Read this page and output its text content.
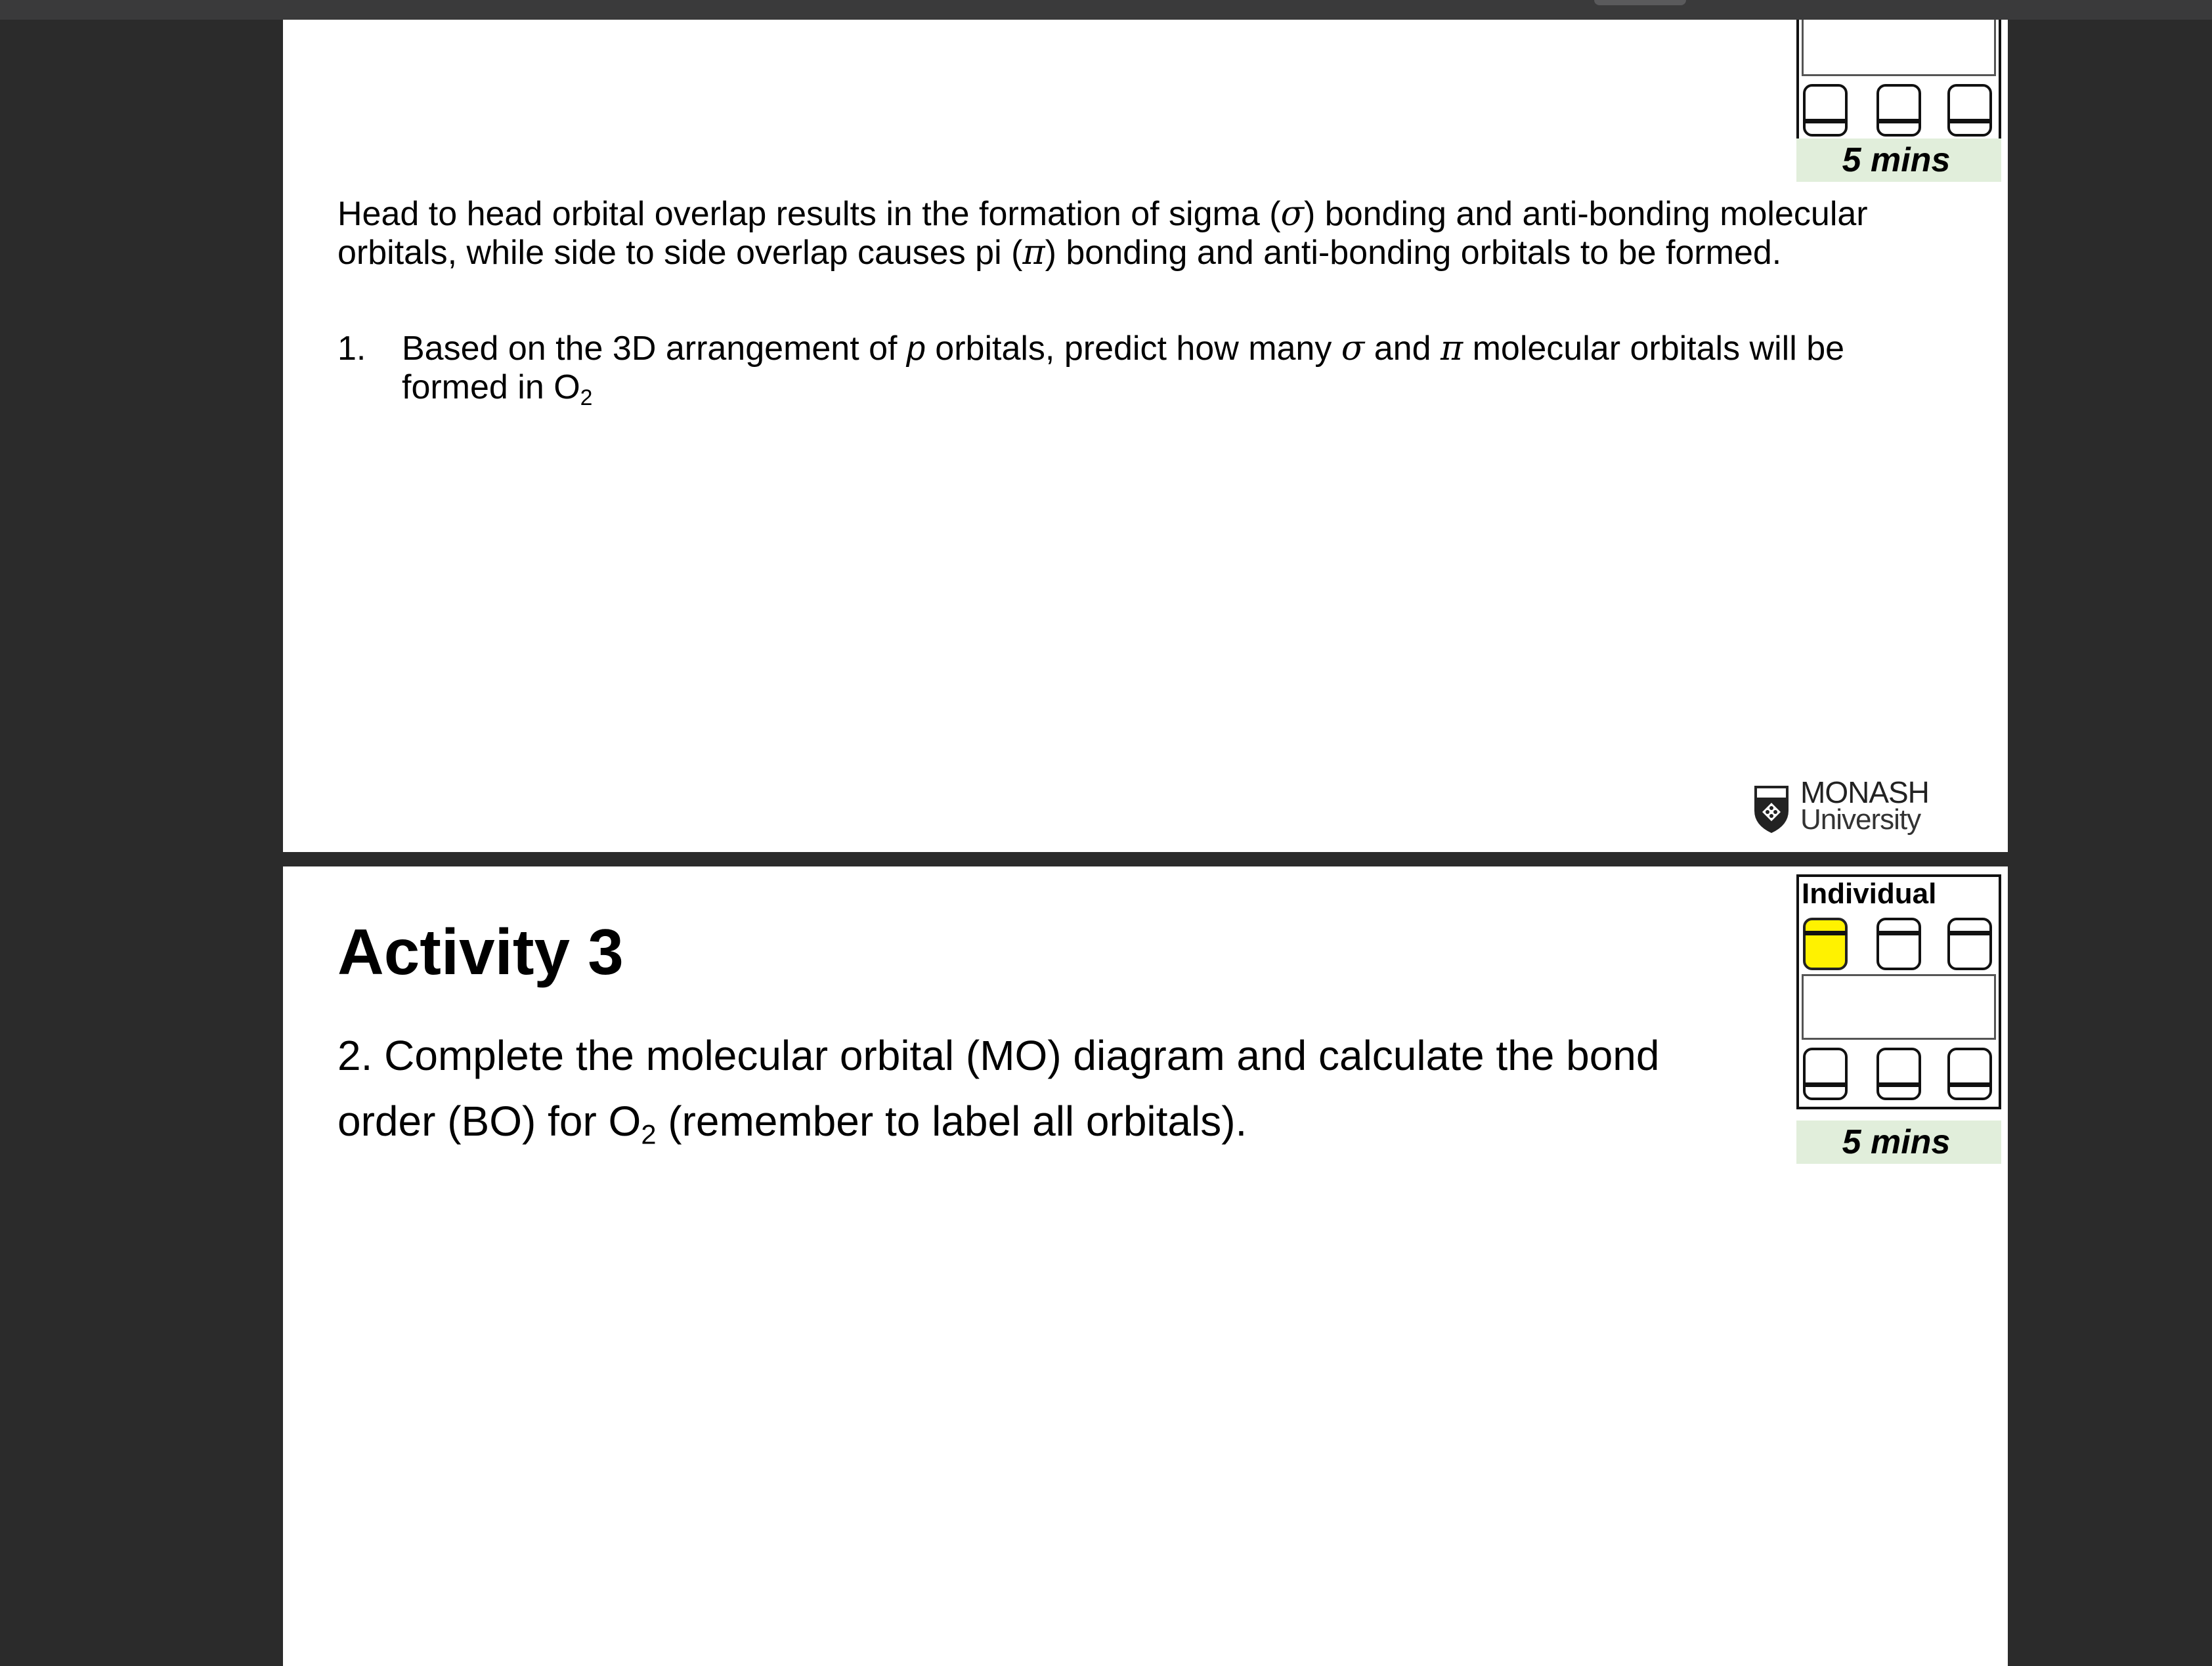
5 mins
Head to head orbital overlap results in the formation of sigma (σ) bonding and anti-bonding molecular orbitals, while side to side overlap causes pi (π) bonding and anti-bonding orbitals to be formed.
1. Based on the 3D arrangement of p orbitals, predict how many σ and π molecular orbitals will be formed in $O_2$
MONASH
University
Individual
5 mins
Activity 3
2. Complete the molecular orbital (MO) diagram and calculate the bond order (BO) for $O_2$ (remember to label all orbitals).
